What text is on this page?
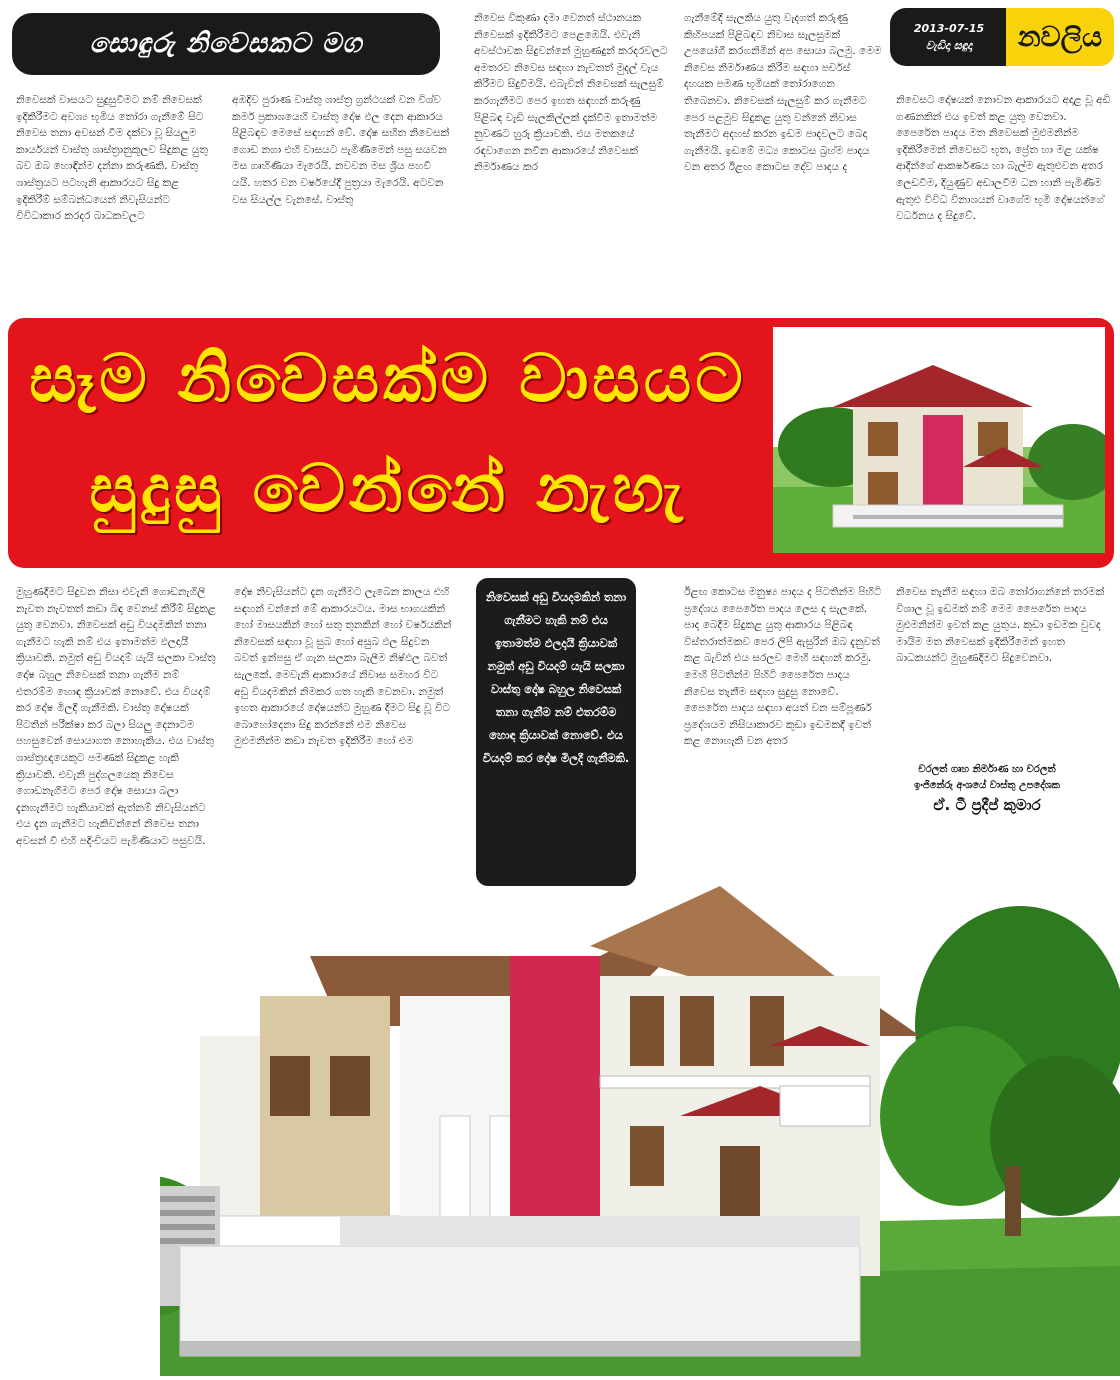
සොඳුරු නිවෙසකට මග	2013-07-15
වැඩිදා සඳුදා	නවලිය
නිවෙසක් වාසයට සුදුසුවීමට නම් නිවෙසක් ඉදිකිරීමට අවශ්‍ය භූමිය තෝරා ගැනීමේ සිට නිවෙස තනා අවසන් වීම දක්වා වූ සියලුම කාර්යයන් වාස්තු ශාස්ත්‍රානුකූලව සිදුකළ යුතු බව ඔබ හොඳින්ම දන්නා කරුණකි. වාස්තු ශාස්ත්‍රයට පටහැනි ආකාරයට සිදු කළ ඉදිකිරීම් සම්බන්ධයෙන් නිවැසියන්ට විවිධාකාර කරදර බාධකවලට
අඹදිව පුරාණ වාස්තු ශාස්ත්‍ර ග්‍රන්ථයක් වන විශ්ව කර්ම ප්‍රකාශයෙහි වාස්තු දෝෂ ඵල දෙන ආකාරය පිළිබඳව මෙසේ සඳහන් වේ. දෝෂ සහිත නිවෙසක් ගොඩ නගා එහි වාසයට පැමිණීමෙන් පසු සයවන මස ගෘහිණියා මැරෙයි. නවවන මස ශ්‍රීය පහවී යයි. හතර වන වර්ෂයේදී පුත්‍රයා මැරෙයි. අටවන වස සියල්ල වැනසේ. වාස්තු
නිවෙස විකුණා දමා වෙනත් ස්ථානයක නිවෙසක් ඉදිකිරීමට පෙළඹෙයි. එවැනි අවස්ථාවක සිදුවන්නේ මුහුණදුන් කරදරවලට අමතරව නිවෙස සඳහා නැවතත් මුදල් වැය කිරීමට සිදුවීමයි. එබැවින් නිවෙසක් සැලසුම් කරගැනීමට පෙර ඉහත සඳහන් කරුණු පිළිබඳ වැඩි සැලකිල්ලක් දැක්වීම ඉතාමත්ම නුවණට හුරු ක්‍රියාවකි. එය මතකයේ රඳවාගෙන නවීන ආකාරයේ නිවෙසක් නිර්මාණය කර
ගැනීමේදී සැලකිය යුතු වැදගත් කරුණු කිහිපයක් පිළිබඳව නිවාස සැලසුමක් උපයෝගී කරගනිමින් අප සොයා බලමු. මෙම නිවෙස නිර්මාණය කිරීම සඳහා පර්චස් දහයක පමණ භූමියක් තෝරාගෙන තිබෙනවා. නිවෙසක් සැලසුම් කර ගැනීමට පෙර පළමුව සිදුකළ යුතු වන්නේ නිවාස තැනීමට අදහස් කරන ඉඩම පාදවලට බෙදා ගැනීමයි. ඉඩමේ මධ්‍ය කොටස බ්‍රහ්ම පාදය වන අතර ඊළඟ කොටස දේව පාදය ද
නිවෙසට දෝෂයක් නොවන ආකාරයට අදාළ වූ අඩි ගණනකින් එය ඉවත් කළ යුතු වෙනවා. පෛරේත පාදය මත නිවෙසක් මුළුමනින්ම ඉදිකිරීමෙන් නිවෙසට භූත, ප්‍රේත හා මළ යක්ෂ ආදීන්ගේ ආකර්ෂණය හා බැල්ම ඇතුළුවන අතර ලෙඩවීම, දියුණුව අඩාලවීම ධන හානි පැමිණීම ඇතුළු විවිධ විනාශයන් වාගේම භූමි දෝෂයන්ගේ වර්ධනය ද සිදුවේ.
සෑම නිවෙසක්ම වාසයට
සුදුසු වෙන්නේ නැහැ
මුහුණදීමට සිදුවන නිසා එවැනි ගොඩනැගිලි නැවත නැවතත් කඩා බිඳ වෙනස් කිරීම් සිදුකළ යුතු වෙනවා. නිවෙසක් අඩු වියදමකින් තනා ගැනීමට හැකි නම් එය ඉතාමත්ම ඵලදායී ක්‍රියාවකි. නමුත් අඩු වියදම් යැයි සලකා වාස්තු දෝෂ බහුල නිවෙසක් තනා ගැනීම නම් එතරම්ම හොඳ ක්‍රියාවක් නොවේ. එය වියදම් කර දෝෂ මිලදී ගැනීමකි. වාස්තු දෝෂයක් පිටතින් පරීක්ෂා කර බලා සියලු දෙනාටම පහසුවෙන් සොයාගත නොහැකිය. එය වාස්තු ශාස්ත්‍රඥයෙකුට පමණක් සිදුකළ හැකි ක්‍රියාවකි. එවැනි පුද්ගලයෙකු නිවෙස ගොඩනැගීමට පෙර දෝෂ සොයා බලා දැනගැනීමට හැකියාවක් ඇත්නම් නිවැසියන්ට එය දැන ගැනීමට හැකිවන්නේ නිවෙස තනා අවසන් වී එහි පදිංචියට පැමිණියාට පසුවයි.
දෝෂ නිවැසියන්ට දැන ගැනීමට ලැබෙන කාලය එහි සඳහන් වන්නේ මේ ආකාරයටය. මාස භාගයකින් හෝ මාසයකින් හෝ සතු තුනකින් හෝ වර්ෂයකින් නිවෙසක් සඳහා වූ සුබ හෝ අසුබ ඵල සිදුවන බවත් ඉන්පසු ඒ ගැන සලකා බැලීම නිෂ්ඵල බවත් සැලකේ. මෙවැනි ආකාරයේ නිවාස සමහර විට අඩු වියදමකින් නිමකර ගත හැකි වෙනවා. නමුත් ඉහත ආකාරයේ දෝෂයන්ට මුහුණ දීමට සිදු වූ විට බොහෝදෙනා සිදු කරන්නේ එම නිවෙස මුළුමනින්ම කඩා නැවත ඉදිකිරීම හෝ එම
ඊළඟ කොටස මනුෂ්‍ය පාදය ද පිටතින්ම පිහිටි ප්‍රදේශය පෛරේත පාදය ලෙස ද සැලකේ. පාද බෙදීම සිදුකළ යුතු ආකාරය පිළිබඳ විස්තරාත්මකව පෙර ලිපි ඇසුරින් ඔබ දැනුවත් කළ බැවින් එය සරලව මෙහි සඳහන් කරමු. මෙහි පිටතින්ම පිහිටි පෛරේත පාදය නිවෙස තැනීම සඳහා සුදුසු නොවේ. පෛරේත පාදය සඳහා අයත් වන සම්පූර්ණ ප්‍රදේශයම නිසියාකාරව කුඩා ඉඩමකදී ඉවත් කළ නොහැකි වන අතර
නිවෙස තැනීම සඳහා ඔබ තෝරාගන්නේ තරමක් විශාල වූ ඉඩමක් නම් මෙම පෛරේත පාදය මුළුමනින්ම ඉවත් කළ යුතුය. කුඩා ඉඩමක වුවද මායිම මත නිවෙසක් ඉදිකිරීමෙන් ඉහත බාධකයන්ට මුහුණදීමට සිදුවෙනවා.
නිවෙසක් අඩු වියදමකින් තනා ගැනීමට හැකි නම් එය ඉතාමත්ම ඵලදායී ක්‍රියාවක් නමුත් අඩු වියදම් යැයි සලකා වාස්තු දෝෂ බහුල නිවෙසක් තනා ගැනීම නම් එතරම්ම හොඳ ක්‍රියාවක් නොවේ. එය වියදම් කර දෝෂ මිලදී ගැනීමකි.
චරලත් ගෘහ නිර්මාණ හා චරලත්
ඉංජිනේරු අංශයේ වාස්තු උපදේශක
ඒ. ටී ප්‍රදීප් කුමාර
